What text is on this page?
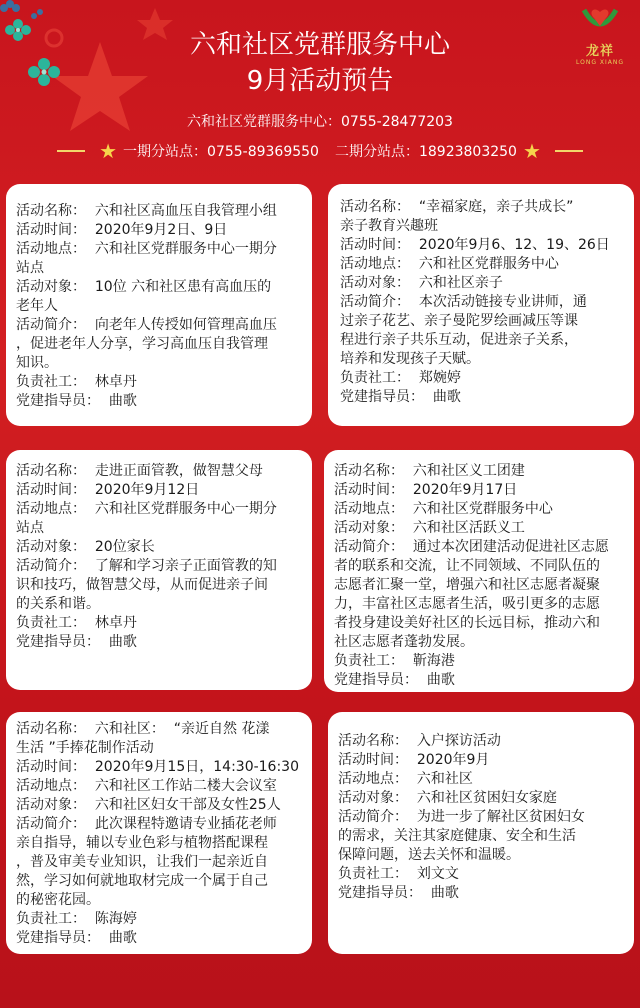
龙祥
LONG XIANG
六和社区党群服务中心
9月活动预告
六和社区党群服务中心：0755-28477203
★ 一期分站点：0755-89369550 二期分站点：18923803250 ★

活动名称：  六和社区高血压自我管理小组

活动时间：  2020年9月2日、9日

活动地点：  六和社区党群服务中心一期分

站点

活动对象：  10位 六和社区患有高血压的

老年人

活动简介：  向老年人传授如何管理高血压

，促进老年人分享，学习高血压自我管理

知识。

负责社工：  林卓丹

党建指导员：  曲歌

活动名称：  “幸福家庭，亲子共成长”

亲子教育兴趣班

活动时间：  2020年9月6、12、19、26日

活动地点：  六和社区党群服务中心

活动对象：  六和社区亲子

活动简介：  本次活动链接专业讲师，通

过亲子花艺、亲子曼陀罗绘画减压等课

程进行亲子共乐互动，促进亲子关系，

培养和发现孩子天赋。

负责社工：  郑婉婷

党建指导员：  曲歌

活动名称：  走进正面管教，做智慧父母

活动时间：  2020年9月12日

活动地点：  六和社区党群服务中心一期分

站点

活动对象：  20位家长

活动简介：  了解和学习亲子正面管教的知

识和技巧，做智慧父母，从而促进亲子间

的关系和谐。

负责社工：  林卓丹

党建指导员：  曲歌

活动名称：  六和社区义工团建

活动时间：  2020年9月17日

活动地点：  六和社区党群服务中心

活动对象：  六和社区活跃义工

活动简介：  通过本次团建活动促进社区志愿

者的联系和交流，让不同领域、不同队伍的

志愿者汇聚一堂，增强六和社区志愿者凝聚

力，丰富社区志愿者生活，吸引更多的志愿

者投身建设美好社区的长远目标，推动六和

社区志愿者蓬勃发展。

负责社工：  靳海港

党建指导员：  曲歌

活动名称：  六和社区：  “亲近自然 花漾

生活 ”手捧花制作活动

活动时间：  2020年9月15日，14:30-16:30

活动地点：  六和社区工作站二楼大会议室

活动对象：  六和社区妇女干部及女性25人

活动简介：  此次课程特邀请专业插花老师

亲自指导，辅以专业色彩与植物搭配课程

，普及审美专业知识，让我们一起亲近自

然，学习如何就地取材完成一个属于自己

的秘密花园。

负责社工：  陈海婷

党建指导员：  曲歌

活动名称：  入户探访活动

活动时间：  2020年9月

活动地点：  六和社区

活动对象：  六和社区贫困妇女家庭

活动简介：  为进一步了解社区贫困妇女

的需求，关注其家庭健康、安全和生活

保障问题，送去关怀和温暖。

负责社工：  刘文文

党建指导员：  曲歌
